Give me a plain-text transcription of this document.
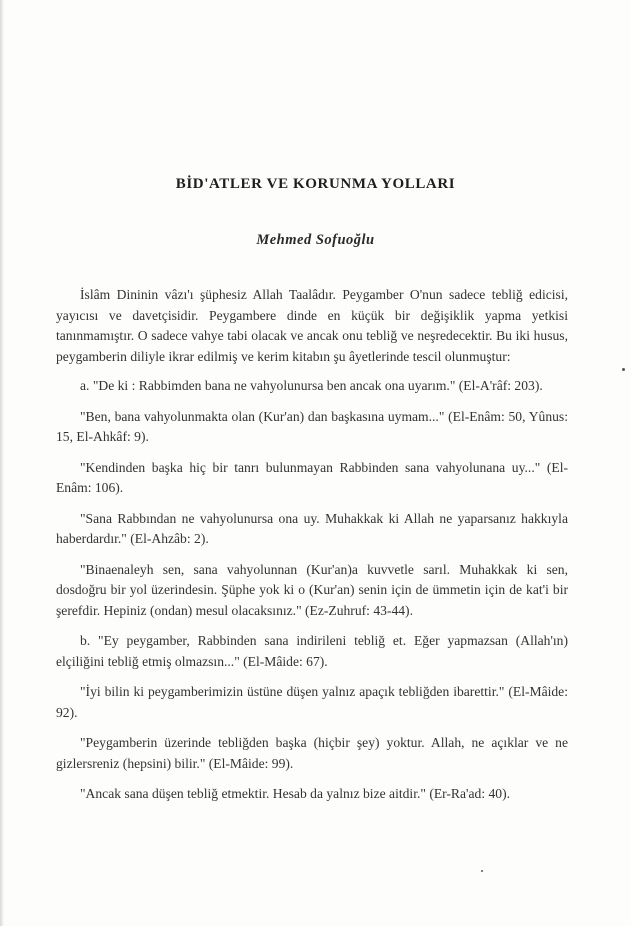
BİD'ATLER VE KORUNMA YOLLARI
Mehmed Sofuoğlu

İslâm Dininin vâzı'ı şüphesiz Allah Taalâdır. Peygamber O'nun sadece tebliğ edicisi, yayıcısı ve davetçisidir. Peygambere dinde en küçük bir değişiklik yapma yetkisi tanınmamıştır. O sadece vahye tabi olacak ve ancak onu tebliğ ve neşredecektir. Bu iki husus, peygamberin diliyle ikrar edilmiş ve kerim kitabın şu âyetlerinde tescil olunmuştur:

a. "De ki : Rabbimden bana ne vahyolunursa ben ancak ona uyarım." (El-A'râf: 203).

"Ben, bana vahyolunmakta olan (Kur'an) dan başkasına uymam..." (El-Enâm: 50, Yûnus: 15, El-Ahkâf: 9).

"Kendinden başka hiç bir tanrı bulunmayan Rabbinden sana vahyolunana uy..." (El-Enâm: 106).

"Sana Rabbından ne vahyolunursa ona uy. Muhakkak ki Allah ne yaparsanız hakkıyla haberdardır." (El-Ahzâb: 2).

"Binaenaleyh sen, sana vahyolunnan (Kur'an)a kuvvetle sarıl. Muhakkak ki sen, dosdoğru bir yol üzerindesin. Şüphe yok ki o (Kur'an) senin için de ümmetin için de kat'i bir şerefdir. Hepiniz (ondan) mesul olacaksınız." (Ez-Zuhruf: 43-44).

b. "Ey peygamber, Rabbinden sana indirileni tebliğ et. Eğer yapmazsan (Allah'ın) elçiliğini tebliğ etmiş olmazsın..." (El-Mâide: 67).

"İyi bilin ki peygamberimizin üstüne düşen yalnız apaçık tebliğden ibarettir." (El-Mâide: 92).

"Peygamberin üzerinde tebliğden başka (hiçbir şey) yoktur. Allah, ne açıklar ve ne gizlersreniz (hepsini) bilir." (El-Mâide: 99).

"Ancak sana düşen tebliğ etmektir. Hesab da yalnız bize aitdir." (Er-Ra'ad: 40).
